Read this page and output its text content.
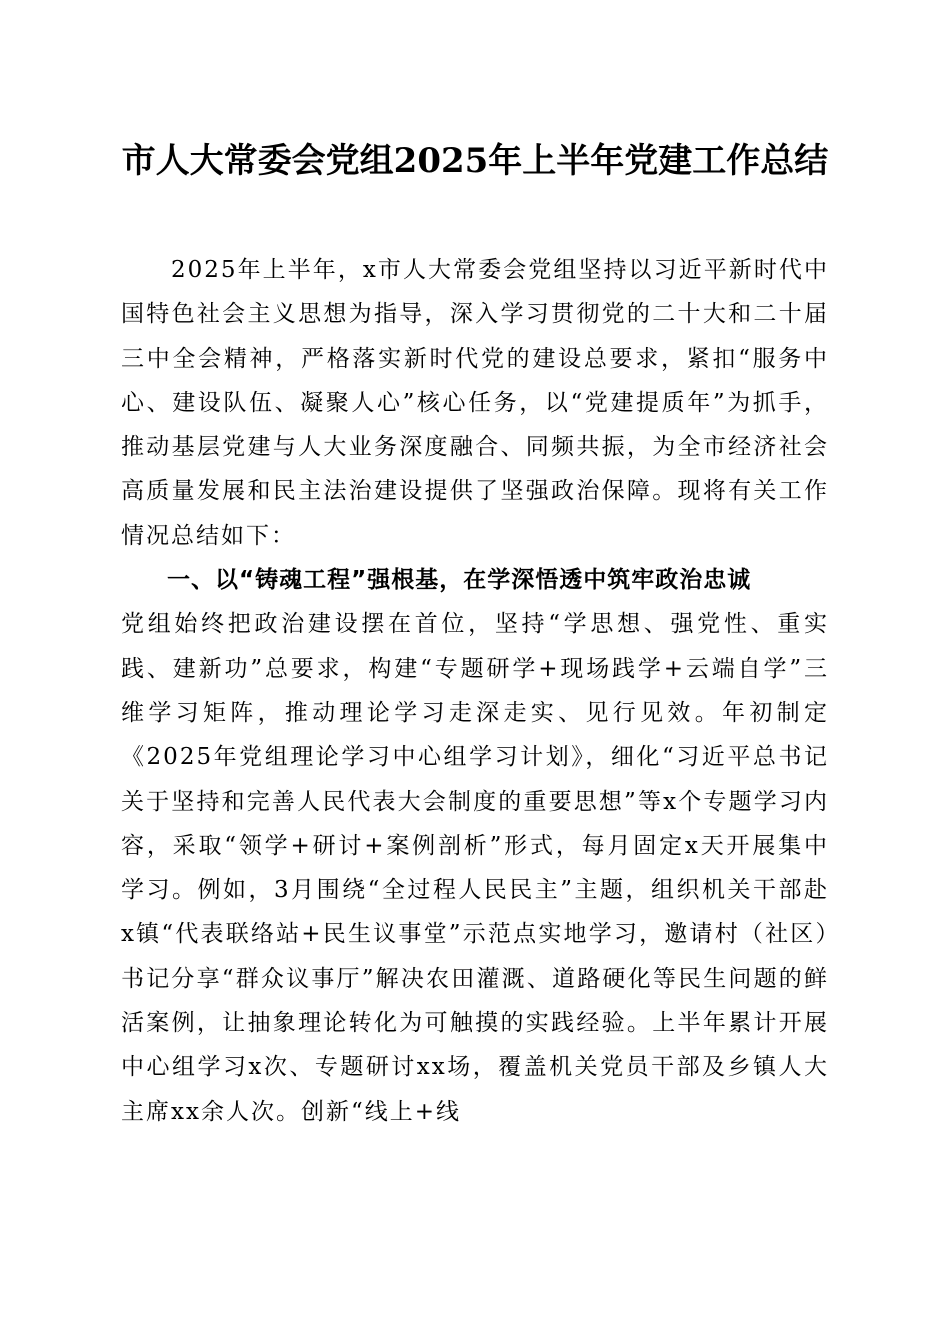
市人大常委会党组2025年上半年党建工作总结

2025年上半年，x市人大常委会党组坚持以习近平新时代中国特色社会主义思想为指导，深入学习贯彻党的二十大和二十届三中全会精神，严格落实新时代党的建设总要求，紧扣“服务中心、建设队伍、凝聚人心”核心任务，以“党建提质年”为抓手，推动基层党建与人大业务深度融合、同频共振，为全市经济社会高质量发展和民主法治建设提供了坚强政治保障。现将有关工作情况总结如下：

一、以“铸魂工程”强根基，在学深悟透中筑牢政治忠诚

党组始终把政治建设摆在首位，坚持“学思想、强党性、重实践、建新功”总要求，构建“专题研学+现场践学+云端自学”三维学习矩阵，推动理论学习走深走实、见行见效。年初制定《2025年党组理论学习中心组学习计划》，细化“习近平总书记关于坚持和完善人民代表大会制度的重要思想”等x个专题学习内容，采取“领学+研讨+案例剖析”形式，每月固定x天开展集中学习。例如，3月围绕“全过程人民民主”主题，组织机关干部赴x镇“代表联络站+民生议事堂”示范点实地学习，邀请村（社区）书记分享“群众议事厅”解决农田灌溉、道路硬化等民生问题的鲜活案例，让抽象理论转化为可触摸的实践经验。上半年累计开展中心组学习x次、专题研讨xx场，覆盖机关党员干部及乡镇人大主席xx余人次。创新“线上+线
